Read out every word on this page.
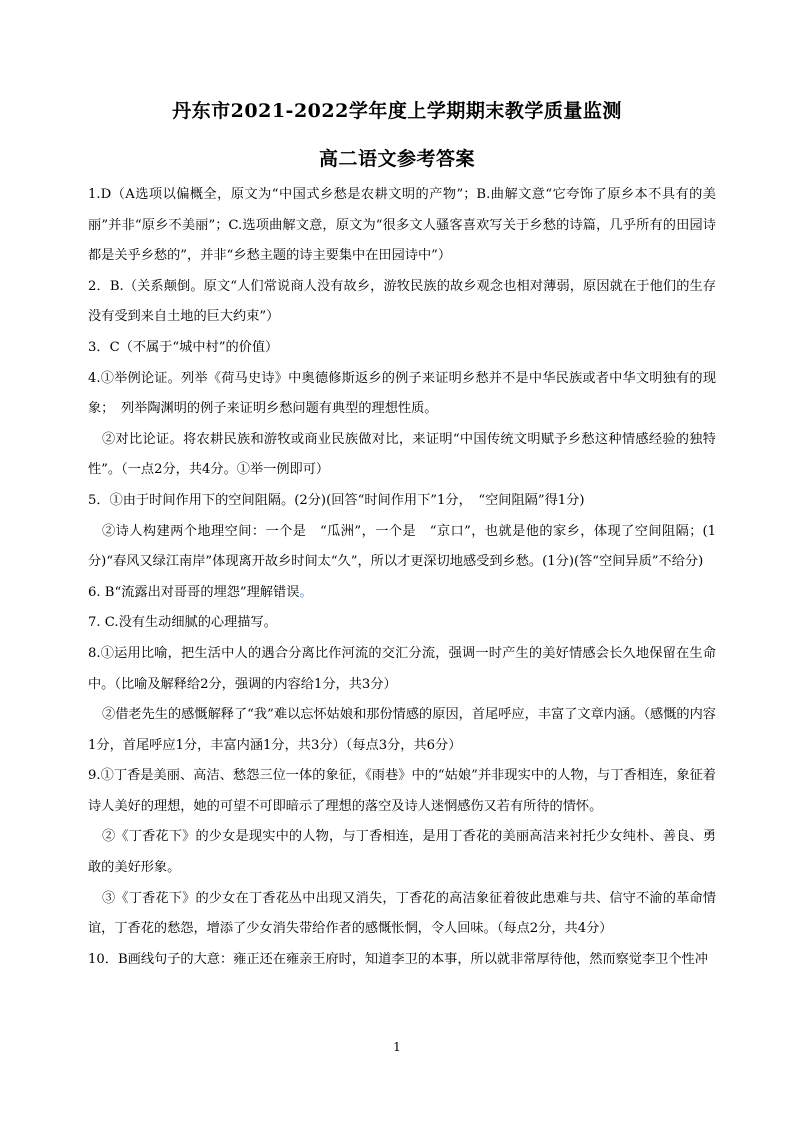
丹东市2021-2022学年度上学期期末教学质量监测
高二语文参考答案

1.D（A选项以偏概全，原文为“中国式乡愁是农耕文明的产物”；B.曲解文意“它夸饰了原乡本不具有的美丽”并非“原乡不美丽”；C.选项曲解文意，原文为“很多文人骚客喜欢写关于乡愁的诗篇，几乎所有的田园诗都是关乎乡愁的”，并非“乡愁主题的诗主要集中在田园诗中”）

2．B.（关系颠倒。原文“人们常说商人没有故乡，游牧民族的故乡观念也相对薄弱，原因就在于他们的生存没有受到来自土地的巨大约束”）

3．C（不属于“城中村”的价值）

4.①举例论证。列举《荷马史诗》中奥德修斯返乡的例子来证明乡愁并不是中华民族或者中华文明独有的现象；　列举陶渊明的例子来证明乡愁问题有典型的理想性质。

②对比论证。将农耕民族和游牧或商业民族做对比，来证明“中国传统文明赋予乡愁这种情感经验的独特性”。（一点2分，共4分。①举一例即可）

5．①由于时间作用下的空间阻隔。(2分)(回答“时间作用下”1分，　“空间阻隔”得1分)

②诗人构建两个地理空间：一个是　“瓜洲”，一个是　“京口”，也就是他的家乡，体现了空间阻隔；(1分)“春风又绿江南岸”体现离开故乡时间太“久”，所以才更深切地感受到乡愁。(1分)(答“空间异质”不给分)

6. B“流露出对哥哥的埋怨”理解错误。

7. C.没有生动细腻的心理描写。

8.①运用比喻，把生活中人的遇合分离比作河流的交汇分流，强调一时产生的美好情感会长久地保留在生命中。（比喻及解释给2分，强调的内容给1分，共3分）

②借老先生的感慨解释了“我”难以忘怀姑娘和那份情感的原因，首尾呼应，丰富了文章内涵。（感慨的内容1分，首尾呼应1分，丰富内涵1分，共3分）（每点3分，共6分）

9.①丁香是美丽、高洁、愁怨三位一体的象征，《雨巷》中的“姑娘”并非现实中的人物，与丁香相连，象征着诗人美好的理想，她的可望不可即暗示了理想的落空及诗人迷惘感伤又若有所待的情怀。

②《丁香花下》的少女是现实中的人物，与丁香相连，是用丁香花的美丽高洁来衬托少女纯朴、善良、勇敢的美好形象。

③《丁香花下》的少女在丁香花丛中出现又消失，丁香花的高洁象征着彼此患难与共、信守不渝的革命情谊，丁香花的愁怨，增添了少女消失带给作者的感慨怅惘，令人回味。（每点2分，共4分）

10．B画线句子的大意：雍正还在雍亲王府时，知道李卫的本事，所以就非常厚待他，然而察觉李卫个性冲

1
